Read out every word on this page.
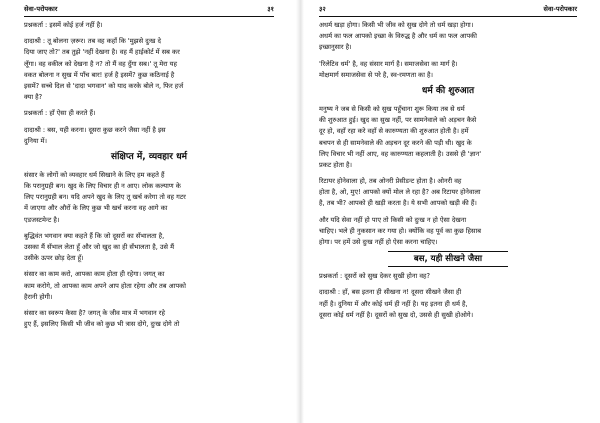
सेवा-परोपकार	३१
प्रश्नकर्ता : इसमें कोई हर्ज नहीं है।
दादाश्री : तू बोलना ज़रूर। तब वह कहाँ कि 'मुझसे दुःख दे
दिया जाए तो?' तब तुझे 'नहीं देखना है। वह मैं हाईकोर्ट में सब कर
लूँगा। वह वकील को देखना है न? तो मैं वह दुँगा सब।' तू मेरा यह
वकत बोलना न सुख में पाँच बार! हर्ज है इसमें? कुछ कठिनाई है
इसमें? सच्चे दिल से 'दादा भगवान' को याद करके बोले न, फिर हर्ज
क्या है?
प्रश्नकर्ता : हाँ ऐसा ही करते हैं।
दादाश्री : बस, यही करना। दूसरा कुछ करने जैसा नहीं है इस
दुनिया में।
संक्षिप्त में, व्यवहार धर्म
संसार के लोगों को व्यवहार धर्म सिखाने के लिए हम कहते हैं
कि परानुग्रही बन। खुद के लिए विचार ही न आए। लोक कल्याण के
लिए परानुग्रही बन। यदि अपने खुद के लिए तू खर्च करेगा तो वह गटर
में जाएगा और औरों के लिए कुछ भी खर्च करना वह आगे का
एडजस्टमेन्ट है।
बुद्धिवंत भगवान क्या कहते हैं कि जो दूसरों का सँभालता है,
उसका मैं सँभाल लेता हूँ और जो खुद का ही सँभालता है, उसे मैं
उसीके ऊपर छोड़ देता हूँ।
संसार का काम करो, आपका काम होता ही रहेगा। जगत् का
काम करोगे, तो आपका काम अपने आप होता रहेगा और तब आपको
हैरानी होगी।
संसार का स्वरूप कैसा है? जगत् के जीव मात्र में भगवान रहे
हुए हैं, इसलिए किसी भी जीव को कुछ भी त्रास दोगे, दुःख दोगे तो
३२	सेवा-परोपकार
अधर्म खड़ा होगा। किसी भी जीव को सुख दोगे तो धर्म खड़ा होगा।
अधर्म का फल आपको इच्छा के विरुद्ध है और धर्म का फल आपकी
इच्छानुसार है।
'रिलेटिव धर्म' है, वह संसार मार्ग है। समाजसेवा का मार्ग है।
मोक्षमार्ग समाजसेवा से परे है, स्व-रमणता का है।
धर्म की शुरुआत
मनुष्य ने जब से किसी को सुख पहुँचाना शुरू किया तब से धर्म
की शुरुआत हुई। खुद का सुख नहीं, पर सामनेवाले को अड़चन कैसे
दूर हो, वहाँ रहा करे वहाँ से कारुण्यता की शुरुआत होती है। हमें
बचपन से ही सामनेवाले की अड़चन दूर करने की पड़ी थी। खुद के
लिए विचार भी नहीं आए, वह कारुण्यता कहलाती है। उससे ही 'ज्ञान'
प्रकट होता है।
रिटायर होनेवाला हो, तब ओनरी प्रेसीडन्ट होता है। ओनरी वह
होता है, ओ, मुए! आपको क्यों मोल ले रहा है? अब रिटायर होनेवाला
है, तब भी? आपको ही खड़ी करता है। ये सभी आपको खड़ी की हैं।
और यदि सेवा नहीं हो पाए तो किसी को दुःख न हो ऐसा देखना
चाहिए। भले ही नुकसान कर गया हो। क्योंकि वह पूर्व का कुछ हिसाब
होगा। पर हमें उसे दुःख नहीं हो ऐसा करना चाहिए।
बस, यही सीखने जैसा
प्रश्नकर्ता : दूसरों को सुख देकर सुखी होना वह?
दादाश्री : हाँ, बस इतना ही सीखना न! दूसरा सीखने जैसा ही
नहीं है। दुनिया में और कोई धर्म ही नहीं है। यह इतना ही धर्म है,
दूसरा कोई धर्म नहीं है। दूसरों को सुख दो, उससे ही सुखी होओगे।
